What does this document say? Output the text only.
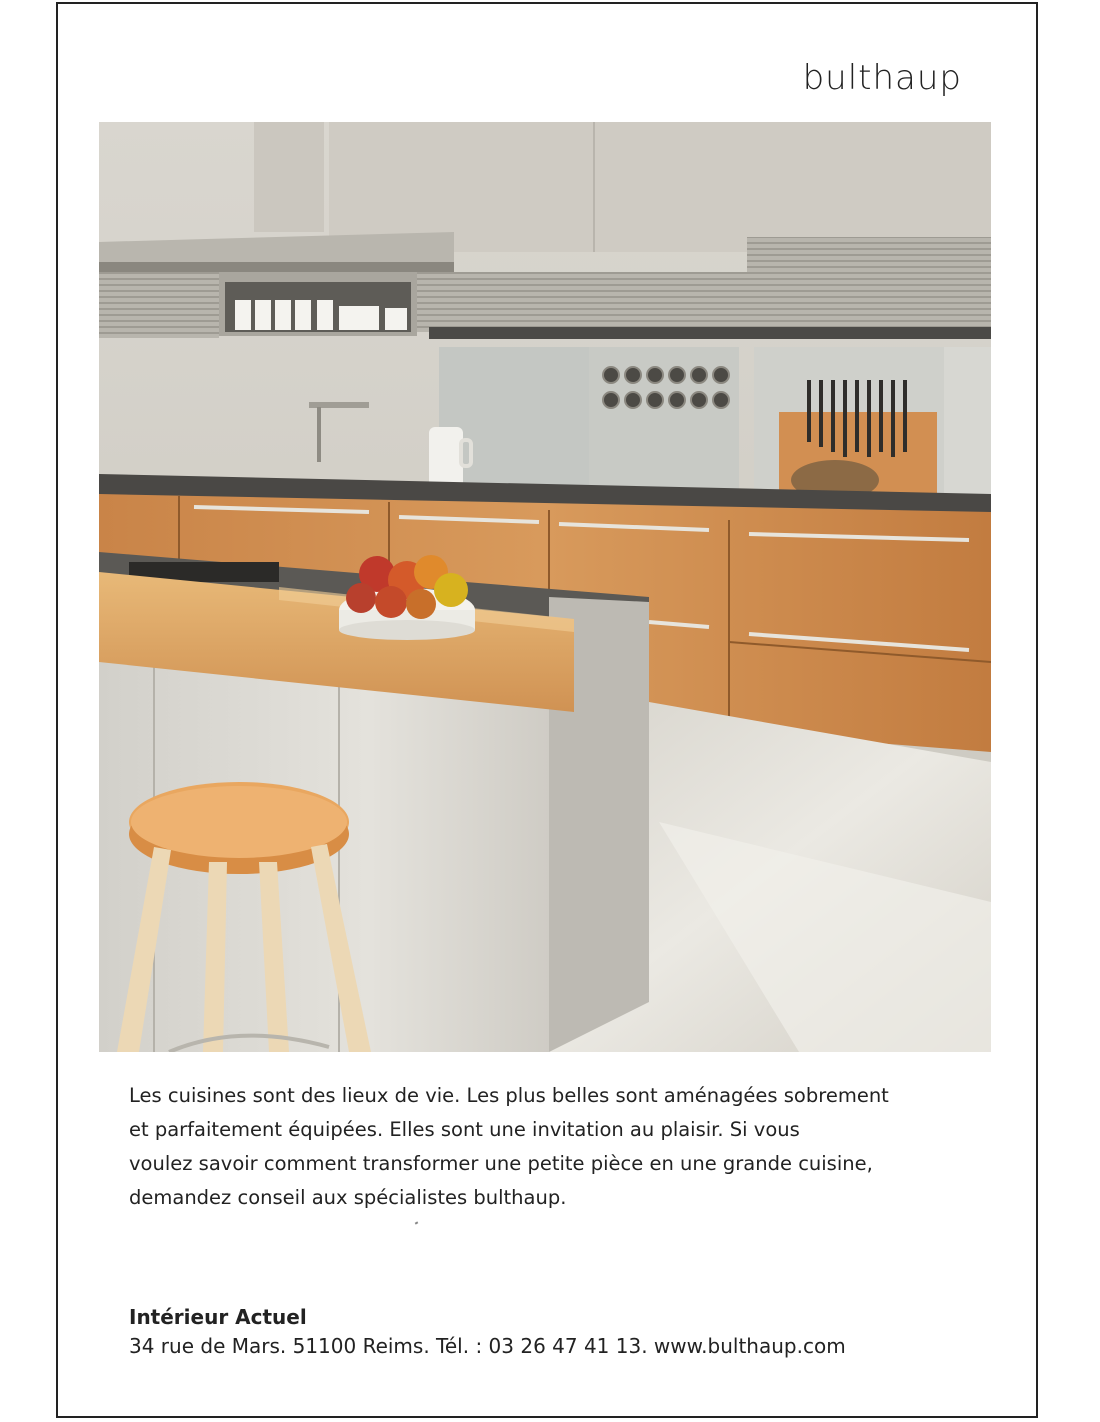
bulthaup

Les cuisines sont des lieux de vie. Les plus belles sont aménagées sobrement
et parfaitement équipées. Elles sont une invitation au plaisir. Si vous
voulez savoir comment transformer une petite pièce en une grande cuisine,
demandez conseil aux spécialistes bulthaup.

Intérieur Actuel
34 rue de Mars. 51100 Reims. Tél. : 03 26 47 41 13. www.bulthaup.com
